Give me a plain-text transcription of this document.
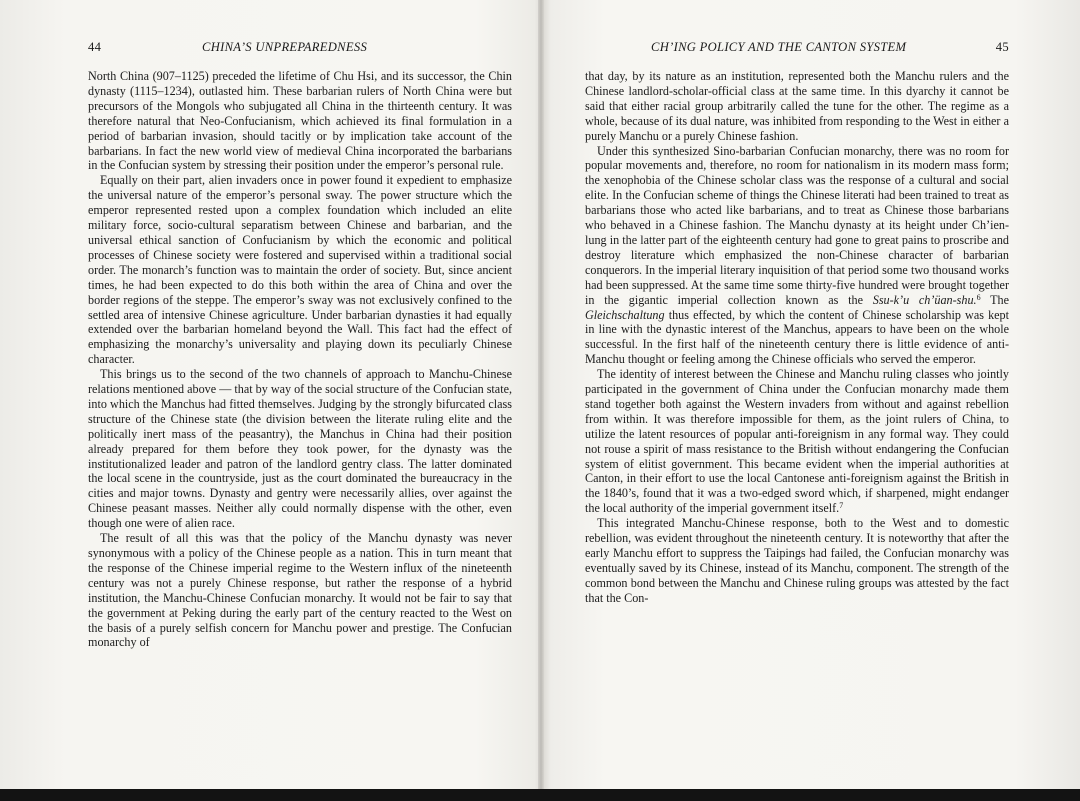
44	CHINA’S UNPREPAREDNESS

North China (907–1125) preceded the lifetime of Chu Hsi, and its successor, the Chin dynasty (1115–1234), outlasted him. These barbarian rulers of North China were but precursors of the Mongols who subjugated all China in the thirteenth century. It was therefore natural that Neo-Confucianism, which achieved its final formulation in a period of barbarian invasion, should tacitly or by implication take account of the barbarians. In fact the new world view of medieval China incorporated the barbarians in the Confucian system by stressing their position under the emperor’s personal rule.

Equally on their part, alien invaders once in power found it expedient to emphasize the universal nature of the emperor’s personal sway. The power structure which the emperor represented rested upon a complex foundation which included an elite military force, socio-cultural separatism between Chinese and barbarian, and the universal ethical sanction of Confucianism by which the economic and political processes of Chinese society were fostered and supervised within a traditional social order. The monarch’s function was to maintain the order of society. But, since ancient times, he had been expected to do this both within the area of China and over the border regions of the steppe. The emperor’s sway was not exclusively confined to the settled area of intensive Chinese agriculture. Under barbarian dynasties it had equally extended over the barbarian homeland beyond the Wall. This fact had the effect of emphasizing the monarchy’s universality and playing down its peculiarly Chinese character.

This brings us to the second of the two channels of approach to Manchu-Chinese relations mentioned above — that by way of the social structure of the Confucian state, into which the Manchus had fitted themselves. Judging by the strongly bifurcated class structure of the Chinese state (the division between the literate ruling elite and the politically inert mass of the peasantry), the Manchus in China had their position already prepared for them before they took power, for the dynasty was the institutionalized leader and patron of the landlord gentry class. The latter dominated the local scene in the countryside, just as the court dominated the bureaucracy in the cities and major towns. Dynasty and gentry were necessarily allies, over against the Chinese peasant masses. Neither ally could normally dispense with the other, even though one were of alien race.

The result of all this was that the policy of the Manchu dynasty was never synonymous with a policy of the Chinese people as a nation. This in turn meant that the response of the Chinese imperial regime to the Western influx of the nineteenth century was not a purely Chinese response, but rather the response of a hybrid institution, the Manchu-Chinese Confucian monarchy. It would not be fair to say that the government at Peking during the early part of the century reacted to the West on the basis of a purely selfish concern for Manchu power and prestige. The Confucian monarchy of

CH’ING POLICY AND THE CANTON SYSTEM	45

that day, by its nature as an institution, represented both the Manchu rulers and the Chinese landlord-scholar-official class at the same time. In this dyarchy it cannot be said that either racial group arbitrarily called the tune for the other. The regime as a whole, because of its dual nature, was inhibited from responding to the West in either a purely Manchu or a purely Chinese fashion.

Under this synthesized Sino-barbarian Confucian monarchy, there was no room for popular movements and, therefore, no room for nationalism in its modern mass form; the xenophobia of the Chinese scholar class was the response of a cultural and social elite. In the Confucian scheme of things the Chinese literati had been trained to treat as barbarians those who acted like barbarians, and to treat as Chinese those barbarians who behaved in a Chinese fashion. The Manchu dynasty at its height under Ch’ien-lung in the latter part of the eighteenth century had gone to great pains to proscribe and destroy literature which emphasized the non-Chinese character of barbarian conquerors. In the imperial literary inquisition of that period some two thousand works had been suppressed. At the same time some thirty-five hundred were brought together in the gigantic imperial collection known as the Ssu-k’u ch’üan-shu.$^6$ The Gleichschaltung thus effected, by which the content of Chinese scholarship was kept in line with the dynastic interest of the Manchus, appears to have been on the whole successful. In the first half of the nineteenth century there is little evidence of anti-Manchu thought or feeling among the Chinese officials who served the emperor.

The identity of interest between the Chinese and Manchu ruling classes who jointly participated in the government of China under the Confucian monarchy made them stand together both against the Western invaders from without and against rebellion from within. It was therefore impossible for them, as the joint rulers of China, to utilize the latent resources of popular anti-foreignism in any formal way. They could not rouse a spirit of mass resistance to the British without endangering the Confucian system of elitist government. This became evident when the imperial authorities at Canton, in their effort to use the local Cantonese anti-foreignism against the British in the 1840’s, found that it was a two-edged sword which, if sharpened, might endanger the local authority of the imperial government itself.$^7$

This integrated Manchu-Chinese response, both to the West and to domestic rebellion, was evident throughout the nineteenth century. It is noteworthy that after the early Manchu effort to suppress the Taipings had failed, the Confucian monarchy was eventually saved by its Chinese, instead of its Manchu, component. The strength of the common bond between the Manchu and Chinese ruling groups was attested by the fact that the Con-
